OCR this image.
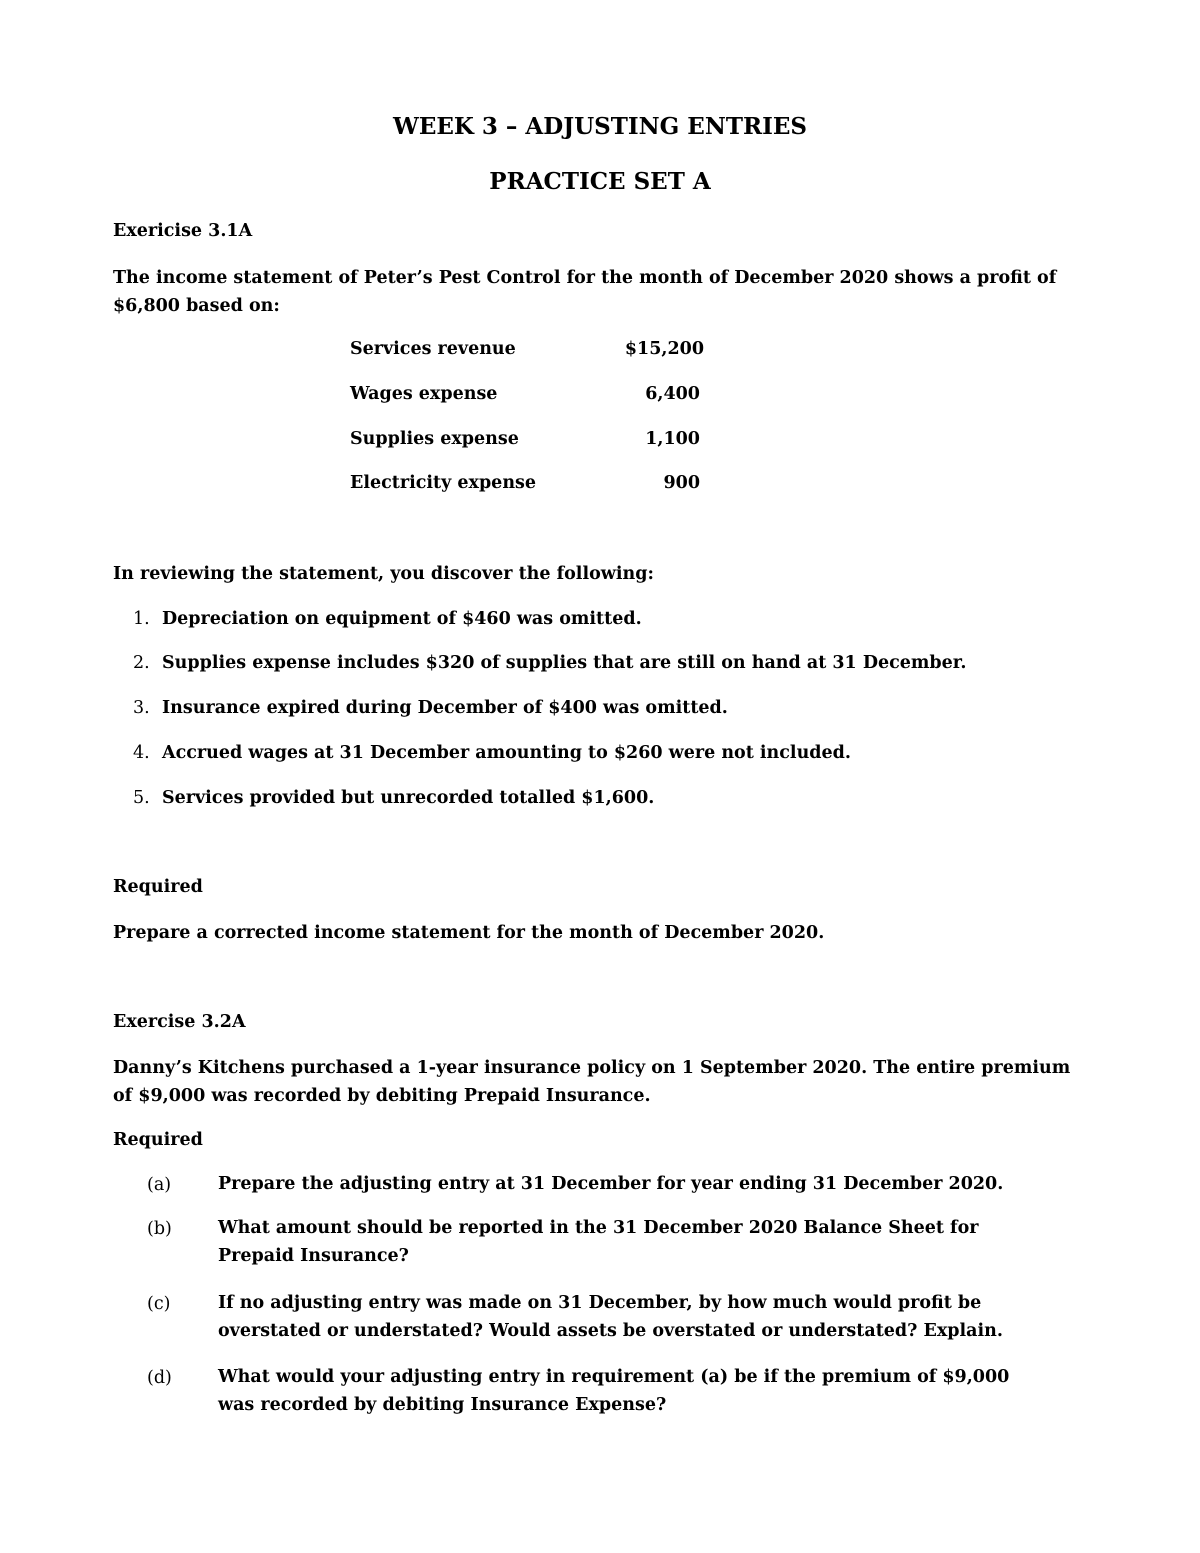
WEEK 3 – ADJUSTING ENTRIES
PRACTICE SET A
Exericise 3.1A

The income statement of Peter’s Pest Control for the month of December 2020 shows a profit of $6,800 based on:

Services revenue	$15,200
Wages expense	6,400
Supplies expense	1,100
Electricity expense	900
In reviewing the statement, you discover the following:
1. Depreciation on equipment of $460 was omitted.
2. Supplies expense includes $320 of supplies that are still on hand at 31 December.
3. Insurance expired during December of $400 was omitted.
4. Accrued wages at 31 December amounting to $260 were not included.
5. Services provided but unrecorded totalled $1,600.
Required
Prepare a corrected income statement for the month of December 2020.
Exercise 3.2A

Danny’s Kitchens purchased a 1-year insurance policy on 1 September 2020. The entire premium of $9,000 was recorded by debiting Prepaid Insurance.

Required
(a)	Prepare the adjusting entry at 31 December for year ending 31 December 2020.

(b)	What amount should be reported in the 31 December 2020 Balance Sheet for Prepaid Insurance?

(c)	If no adjusting entry was made on 31 December, by how much would profit be overstated or understated? Would assets be overstated or understated? Explain.

(d)	What would your adjusting entry in requirement (a) be if the premium of $9,000 was recorded by debiting Insurance Expense?
